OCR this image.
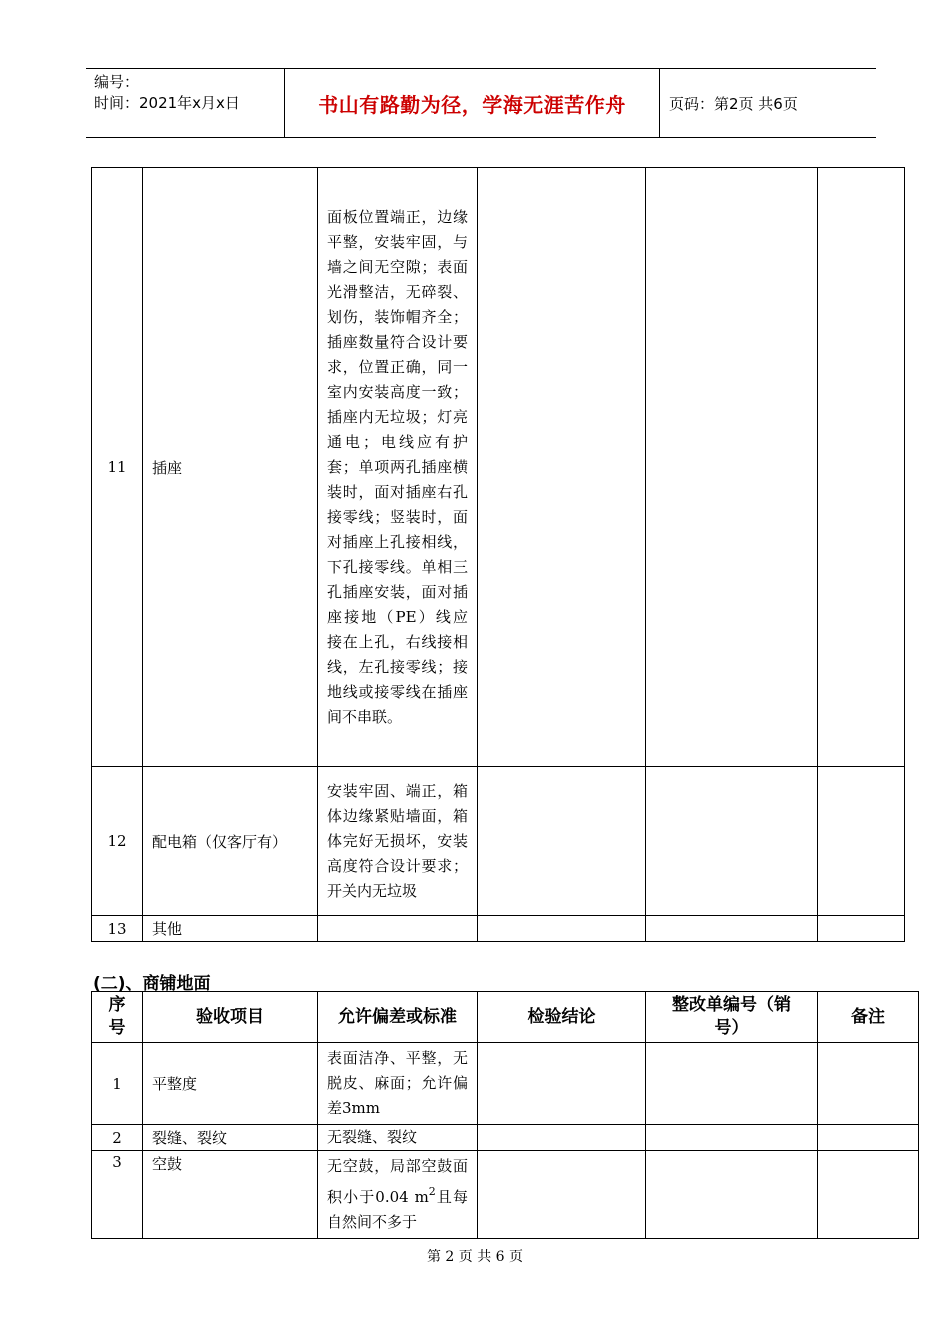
编号：
时间：2021年x月x日	书山有路勤为径，学海无涯苦作舟	页码：第2页 共6页
11	插座	面板位置端正，边缘平整，安装牢固，与墙之间无空隙；表面光滑整洁，无碎裂、划伤，装饰帽齐全；插座数量符合设计要求，位置正确，同一室内安装高度一致；插座内无垃圾；灯亮通电；电线应有护套；单项两孔插座横装时，面对插座右孔接零线；竖装时，面对插座上孔接相线，下孔接零线。单相三孔插座安装，面对插座接地（PE）线应接在上孔，右线接相线，左孔接零线；接地线或接零线在插座间不串联。			
12	配电箱（仅客厅有）	安装牢固、端正，箱体边缘紧贴墙面，箱体完好无损坏，安装高度符合设计要求；开关内无垃圾			
13	其他				
(二)、商铺地面
序号	验收项目	允许偏差或标准	检验结论	整改单编号（销号）	备注
1	平整度	表面洁净、平整，无脱皮、麻面；允许偏差3mm			
2	裂缝、裂纹	无裂缝、裂纹			
3	空鼓	无空鼓，局部空鼓面积小于0.04 $m^2$且每自然间不多于			
第 2 页 共 6 页
